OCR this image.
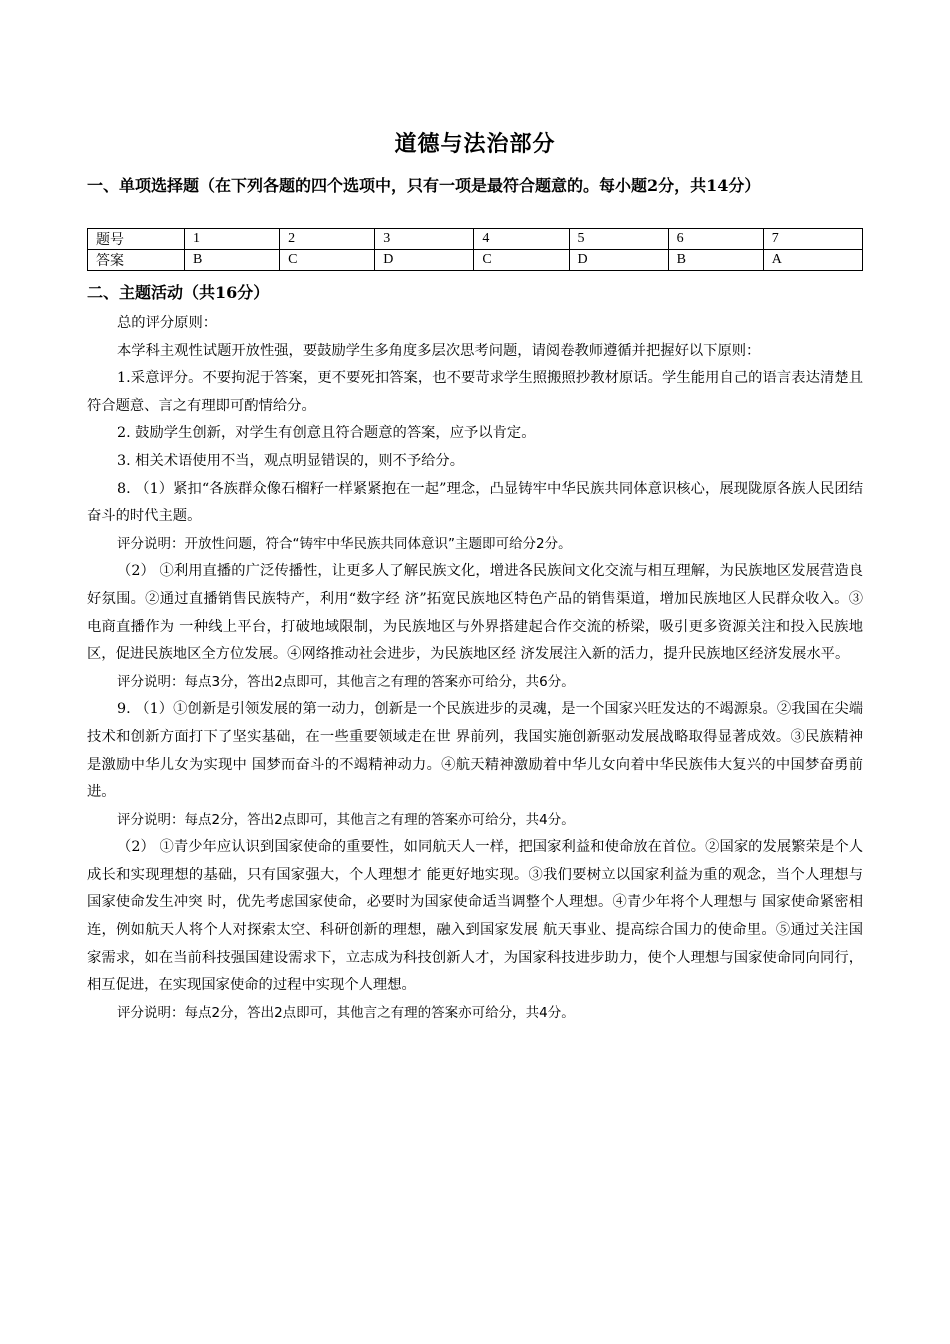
道德与法治部分
一、单项选择题（在下列各题的四个选项中，只有一项是最符合题意的。每小题2分，共14分）
题号	1	2	3	4	5	6	7
答案	B	C	D	C	D	B	A
二、主题活动（共16分）

总的评分原则：

本学科主观性试题开放性强，要鼓励学生多角度多层次思考问题，请阅卷教师遵循并把握好以下原则：

1.采意评分。不要拘泥于答案，更不要死扣答案，也不要苛求学生照搬照抄教材原话。学生能用自己的语言表达清楚且符合题意、言之有理即可酌情给分。

2. 鼓励学生创新，对学生有创意且符合题意的答案，应予以肯定。

3. 相关术语使用不当，观点明显错误的，则不予给分。

8. （1）紧扣“各族群众像石榴籽一样紧紧抱在一起”理念，凸显铸牢中华民族共同体意识核心，展现陇原各族人民团结奋斗的时代主题。

评分说明：开放性问题，符合“铸牢中华民族共同体意识”主题即可给分2分。

（2） ①利用直播的广泛传播性，让更多人了解民族文化，增进各民族间文化交流与相互理解，为民族地区发展营造良好氛围。②通过直播销售民族特产，利用“数字经 济”拓宽民族地区特色产品的销售渠道，增加民族地区人民群众收入。③电商直播作为 一种线上平台，打破地域限制，为民族地区与外界搭建起合作交流的桥梁，吸引更多资源关注和投入民族地区，促进民族地区全方位发展。④网络推动社会进步，为民族地区经 济发展注入新的活力，提升民族地区经济发展水平。

评分说明：每点3分，答出2点即可，其他言之有理的答案亦可给分，共6分。

9. （1）①创新是引领发展的第一动力，创新是一个民族进步的灵魂，是一个国家兴旺发达的不竭源泉。②我国在尖端技术和创新方面打下了坚实基础，在一些重要领域走在世 界前列，我国实施创新驱动发展战略取得显著成效。③民族精神是激励中华儿女为实现中 国梦而奋斗的不竭精神动力。④航天精神激励着中华儿女向着中华民族伟大复兴的中国梦奋勇前进。

评分说明：每点2分，答出2点即可，其他言之有理的答案亦可给分，共4分。

（2） ①青少年应认识到国家使命的重要性，如同航天人一样，把国家利益和使命放在首位。②国家的发展繁荣是个人成长和实现理想的基础，只有国家强大，个人理想才 能更好地实现。③我们要树立以国家利益为重的观念，当个人理想与国家使命发生冲突 时，优先考虑国家使命，必要时为国家使命适当调整个人理想。④青少年将个人理想与 国家使命紧密相连，例如航天人将个人对探索太空、科研创新的理想，融入到国家发展 航天事业、提高综合国力的使命里。⑤通过关注国家需求，如在当前科技强国建设需求下，立志成为科技创新人才，为国家科技进步助力，使个人理想与国家使命同向同行，相互促进，在实现国家使命的过程中实现个人理想。

评分说明：每点2分，答出2点即可，其他言之有理的答案亦可给分，共4分。
